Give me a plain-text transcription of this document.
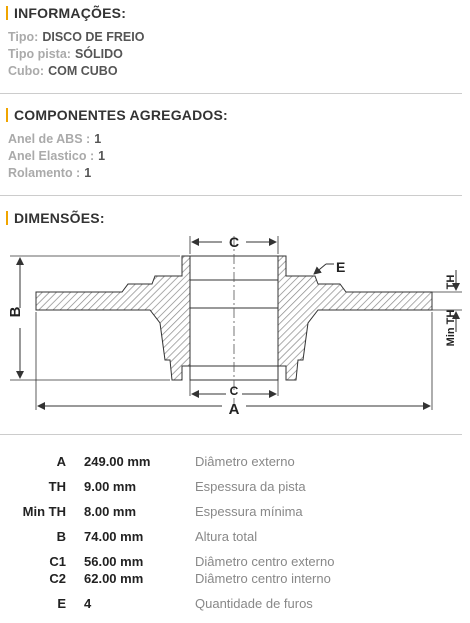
INFORMAÇÕES:
Tipo: DISCO DE FREIO
Tipo pista: SÓLIDO
Cubo: COM CUBO
COMPONENTES AGREGADOS:
Anel de ABS : 1
Anel Elastico : 1
Rolamento : 1
DIMENSÕES:
C
C
A
B
E
TH
Min TH
A 249.00 mm	Diâmetro externo
TH 9.00 mm	Espessura da pista
Min TH 8.00 mm	Espessura mínima
B 74.00 mm	Altura total
C1 56.00 mm	Diâmetro centro externo
C2 62.00 mm	Diâmetro centro interno
E 4	Quantidade de furos
